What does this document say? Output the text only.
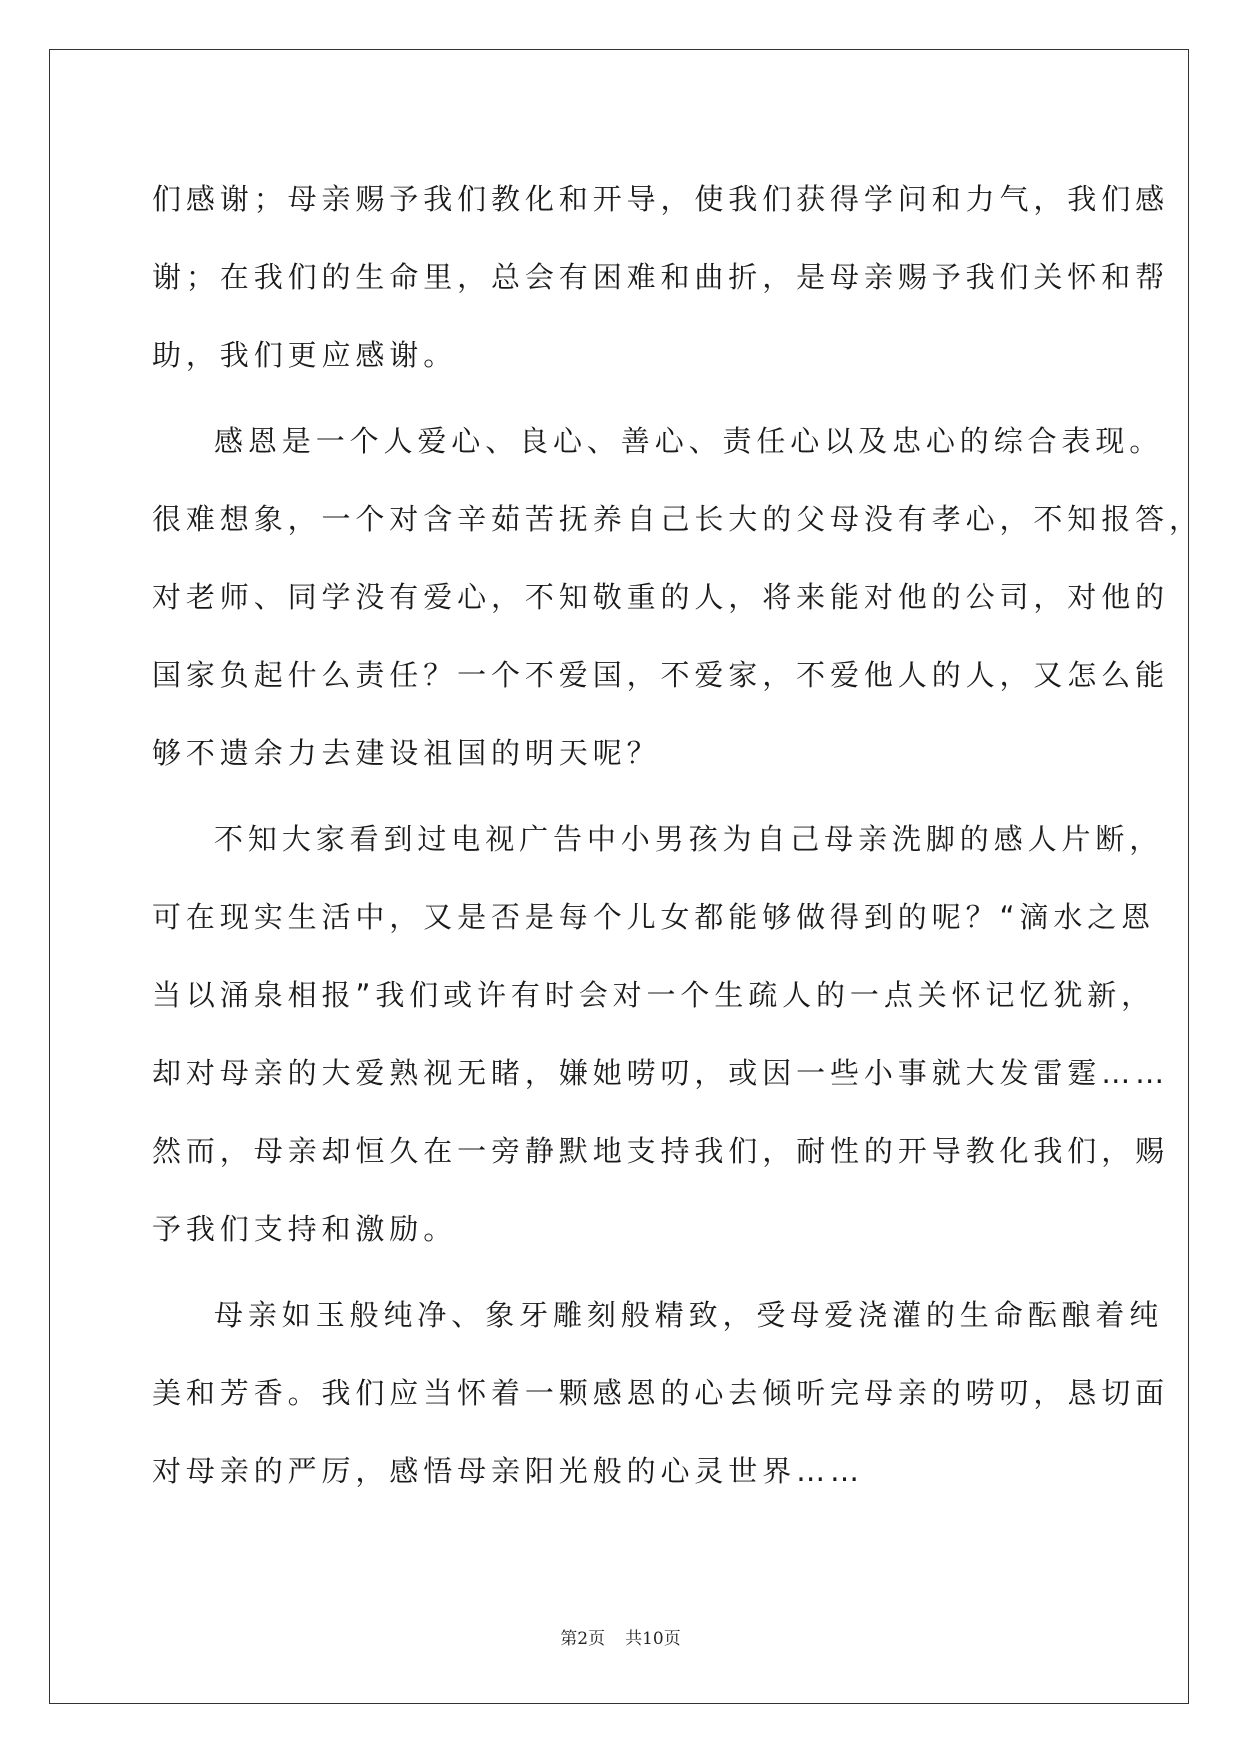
们感谢；母亲赐予我们教化和开导，使我们获得学问和力气，我们感
谢；在我们的生命里，总会有困难和曲折，是母亲赐予我们关怀和帮
助，我们更应感谢。
感恩是一个人爱心、良心、善心、责任心以及忠心的综合表现。
很难想象，一个对含辛茹苦抚养自己长大的父母没有孝心，不知报答，
对老师、同学没有爱心，不知敬重的人，将来能对他的公司，对他的
国家负起什么责任？一个不爱国，不爱家，不爱他人的人，又怎么能
够不遗余力去建设祖国的明天呢？
不知大家看到过电视广告中小男孩为自己母亲洗脚的感人片断，
可在现实生活中，又是否是每个儿女都能够做得到的呢？“滴水之恩
当以涌泉相报”我们或许有时会对一个生疏人的一点关怀记忆犹新，
却对母亲的大爱熟视无睹，嫌她唠叨，或因一些小事就大发雷霆……
然而，母亲却恒久在一旁静默地支持我们，耐性的开导教化我们，赐
予我们支持和激励。
母亲如玉般纯净、象牙雕刻般精致，受母爱浇灌的生命酝酿着纯
美和芳香。我们应当怀着一颗感恩的心去倾听完母亲的唠叨，恳切面
对母亲的严厉，感悟母亲阳光般的心灵世界……
第2页 共10页
